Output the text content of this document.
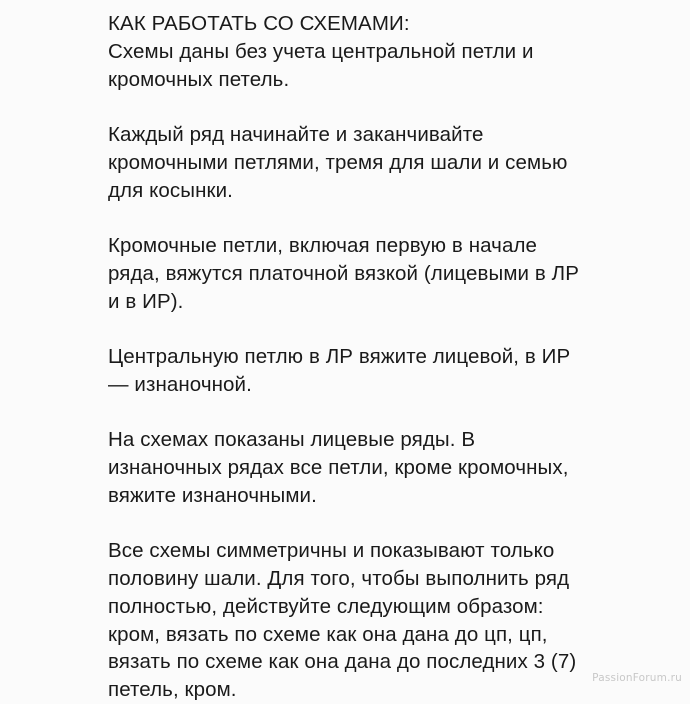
КАК РАБОТАТЬ СО СХЕМАМИ:
Схемы даны без учета центральной петли и
кромочных петель.
Каждый ряд начинайте и заканчивайте
кромочными петлями, тремя для шали и семью
для косынки.
Кромочные петли, включая первую в начале
ряда, вяжутся платочной вязкой (лицевыми в ЛР
и в ИР).
Центральную петлю в ЛР вяжите лицевой, в ИР
— изнаночной.
На схемах показаны лицевые ряды. В
изнаночных рядах все петли, кроме кромочных,
вяжите изнаночными.
Все схемы симметричны и показывают только
половину шали. Для того, чтобы выполнить ряд
полностью, действуйте следующим образом:
кром, вязать по схеме как она дана до цп, цп,
вязать по схеме как она дана до последних 3 (7)
петель, кром.
PassionForum.ru
